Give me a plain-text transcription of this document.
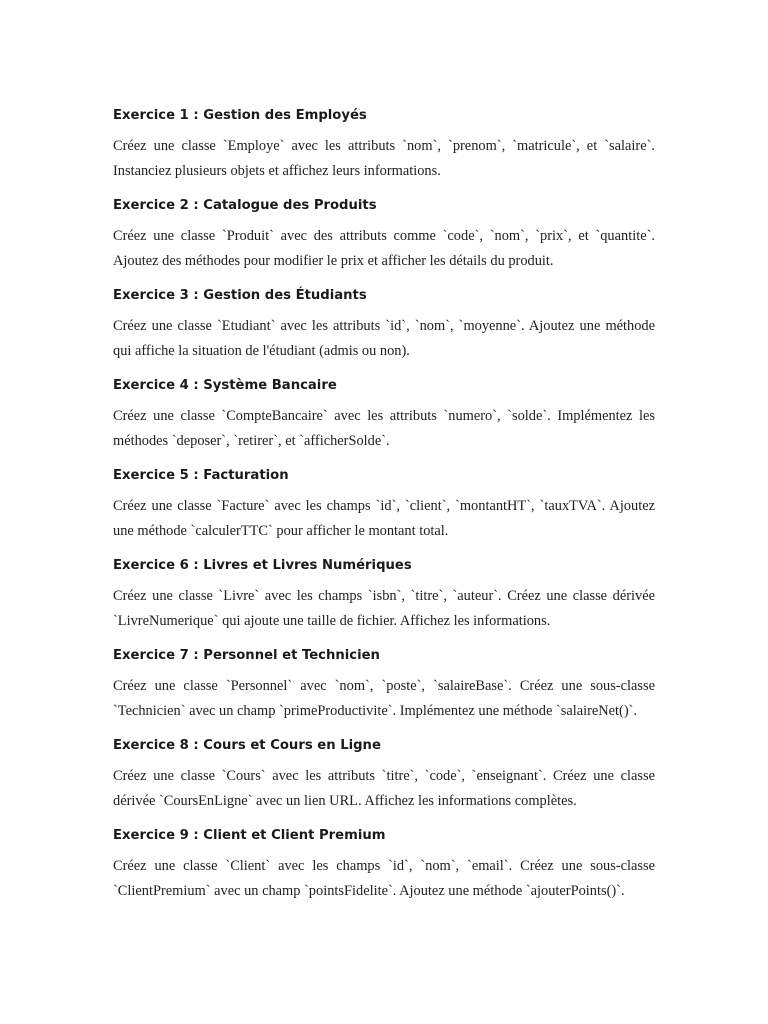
Exercice 1 : Gestion des Employés

Créez une classe `Employe` avec les attributs `nom`, `prenom`, `matricule`, et `salaire`. Instanciez plusieurs objets et affichez leurs informations.

Exercice 2 : Catalogue des Produits

Créez une classe `Produit` avec des attributs comme `code`, `nom`, `prix`, et `quantite`. Ajoutez des méthodes pour modifier le prix et afficher les détails du produit.

Exercice 3 : Gestion des Étudiants

Créez une classe `Etudiant` avec les attributs `id`, `nom`, `moyenne`. Ajoutez une méthode qui affiche la situation de l'étudiant (admis ou non).

Exercice 4 : Système Bancaire

Créez une classe `CompteBancaire` avec les attributs `numero`, `solde`. Implémentez les méthodes `deposer`, `retirer`, et `afficherSolde`.

Exercice 5 : Facturation

Créez une classe `Facture` avec les champs `id`, `client`, `montantHT`, `tauxTVA`. Ajoutez une méthode `calculerTTC` pour afficher le montant total.

Exercice 6 : Livres et Livres Numériques

Créez une classe `Livre` avec les champs `isbn`, `titre`, `auteur`. Créez une classe dérivée `LivreNumerique` qui ajoute une taille de fichier. Affichez les informations.

Exercice 7 : Personnel et Technicien

Créez une classe `Personnel` avec `nom`, `poste`, `salaireBase`. Créez une sous-classe `Technicien` avec un champ `primeProductivite`. Implémentez une méthode `salaireNet()`.

Exercice 8 : Cours et Cours en Ligne

Créez une classe `Cours` avec les attributs `titre`, `code`, `enseignant`. Créez une classe dérivée `CoursEnLigne` avec un lien URL. Affichez les informations complètes.

Exercice 9 : Client et Client Premium

Créez une classe `Client` avec les champs `id`, `nom`, `email`. Créez une sous-classe `ClientPremium` avec un champ `pointsFidelite`. Ajoutez une méthode `ajouterPoints()`.
